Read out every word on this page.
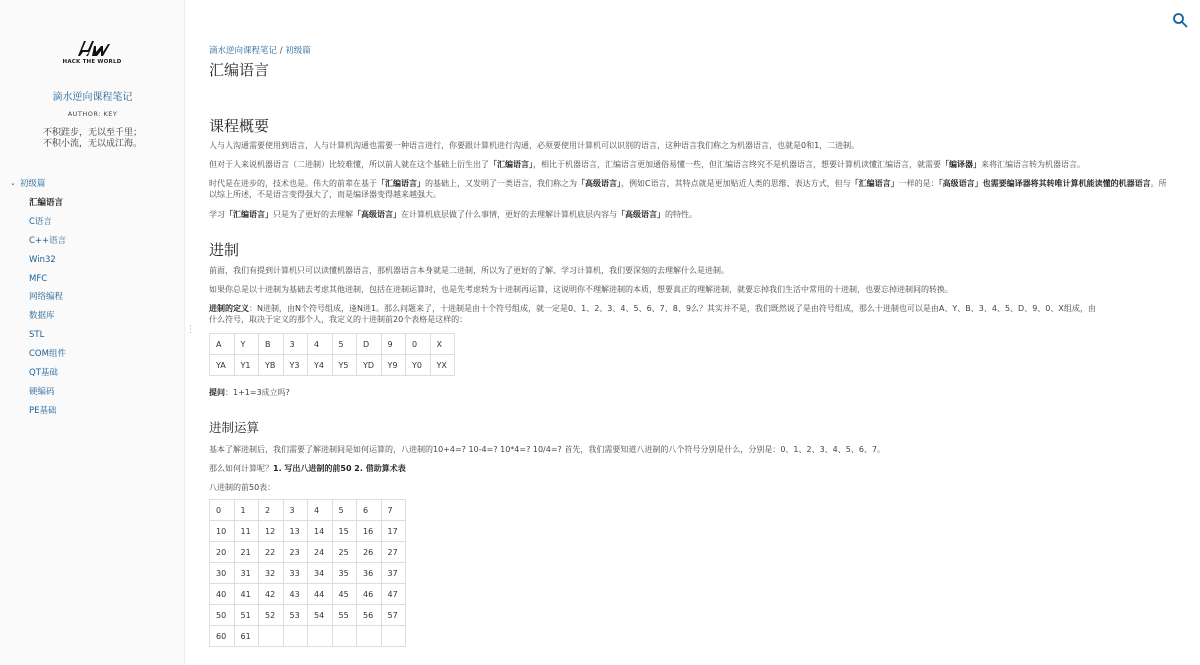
HACK THE WORLD
滴水逆向课程笔记
AUTHOR: KEY
不积跬步，无以至千里；
不积小流，无以成江海。
⌄ 初级篇
汇编语言
C语言
C++语言
Win32
MFC
网络编程
数据库
STL
COM组件
QT基础
硬编码
PE基础
⋮
滴水逆向课程笔记 / 初级篇
汇编语言
课程概要

人与人沟通需要使用到语言，人与计算机沟通也需要一种语言进行，你要跟计算机进行沟通，必须要使用计算机可以识别的语言，这种语言我们称之为机器语言，也就是0和1，二进制。

但对于人来说机器语言（二进制）比较难懂，所以前人就在这个基础上衍生出了「汇编语言」，相比于机器语言，汇编语言更加通俗易懂一些，但汇编语言终究不是机器语言，想要计算机读懂汇编语言，就需要「编译器」来将汇编语言转为机器语言。

时代是在进步的，技术也是。伟大的前辈在基于「汇编语言」的基础上，又发明了一类语言，我们称之为「高级语言」，例如C语言，其特点就是更加贴近人类的思维、表达方式，但与「汇编语言」一样的是：「高级语言」也需要编译器将其转唯计算机能读懂的机器语言。所以综上所述，不是语言变得强大了，而是编译器变得越来越强大。

学习「汇编语言」只是为了更好的去理解「高级语言」在计算机底层做了什么事情，更好的去理解计算机底层内容与「高级语言」的特性。

进制

前面，我们有提到计算机只可以读懂机器语言，那机器语言本身就是二进制，所以为了更好的了解、学习计算机，我们要深刻的去理解什么是进制。

如果你总是以十进制为基础去考虑其他进制，包括在进制运算时，也是先考虑转为十进制再运算，这说明你不理解进制的本质，想要真正的理解进制，就要忘掉我们生活中常用的十进制，也要忘掉进制间的转换。

进制的定义：N进制，由N个符号组成，逢N进1。那么问题来了，十进制是由十个符号组成，就一定是0、1、2、3、4、5、6、7、8、9么？其实并不是，我们既然说了是由符号组成，那么十进制也可以是由A、Y、B、3、4、5、D、9、0、X组成，由
什么符号，取决于定义的那个人，我定义的十进制前20个表格是这样的：

A	Y	B	3	4	5	D	9	0	X
YA	Y1	YB	Y3	Y4	Y5	YD	Y9	Y0	YX

提问：1+1=3成立吗?

进制运算

基本了解进制后，我们需要了解进制间是如何运算的，八进制的10+4=? 10-4=? 10*4=? 10/4=? 首先，我们需要知道八进制的八个符号分别是什么，分别是：0、1、2、3、4、5、6、7。

那么如何计算呢？1. 写出八进制的前50 2. 借助算术表

八进制的前50表：

0	1	2	3	4	5	6	7
10	11	12	13	14	15	16	17
20	21	22	23	24	25	26	27
30	31	32	33	34	35	36	37
40	41	42	43	44	45	46	47
50	51	52	53	54	55	56	57
60	61						
